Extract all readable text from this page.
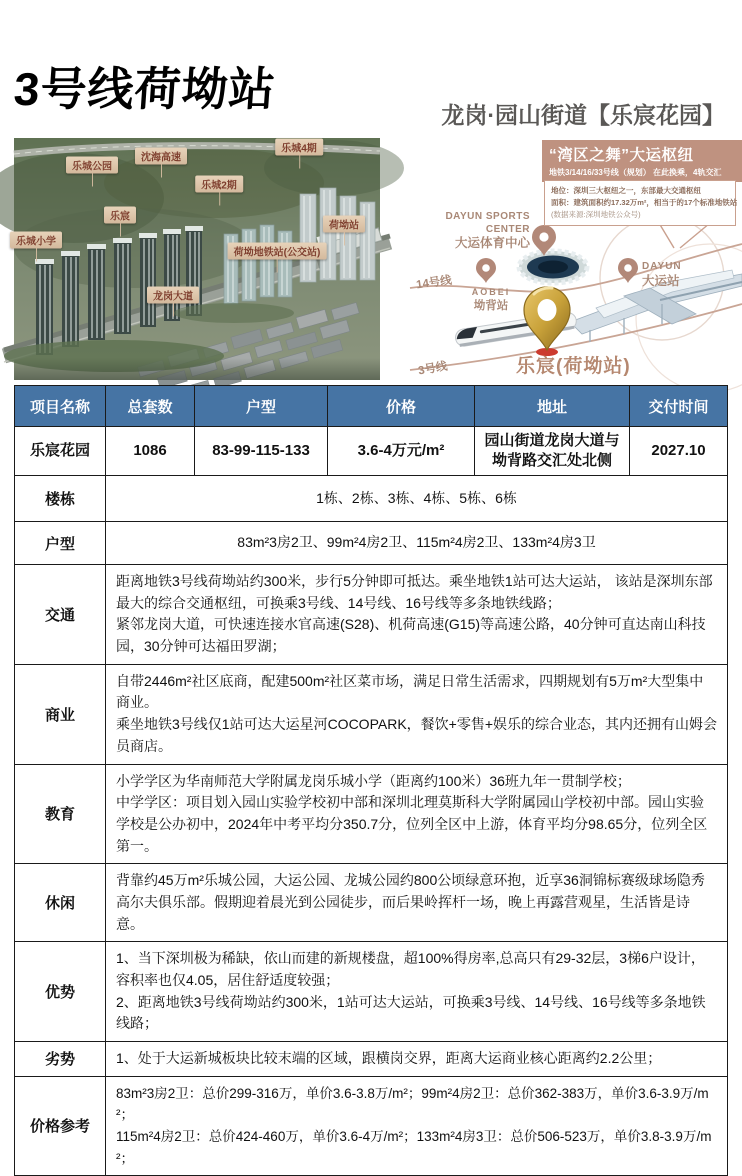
3号线荷坳站	龙岗·园山街道【乐宸花园】
乐城公园
沈海高速
乐城4期
乐城2期
乐宸
乐城小学
荷坳站
荷坳地铁站(公交站)
龙岗大道
“湾区之舞”大运枢纽
地铁3/14/16/33号线（规划） 在此换乘，4轨交汇
地位：深圳三大枢纽之一，东部最大交通枢纽
面积：建筑面积约17.32万m²，相当于的17个标准地铁站
(数据来源:深圳地铁公众号)
DAYUN SPORTS CENTER
大运体育中心
14号线
AOBEI
坳背站
DAYUN
大运站
3号线	乐宸(荷坳站)
项目名称	总套数	户型	价格	地址	交付时间
乐宸花园	1086	83-99-115-133	3.6-4万元/m²	园山街道龙岗大道与坳背路交汇处北侧	2027.10
楼栋	1栋、2栋、3栋、4栋、5栋、6栋				
户型	83m²3房2卫、99m²4房2卫、115m²4房2卫、133m²4房3卫				
交通	距离地铁3号线荷坳站约300米，步行5分钟即可抵达。乘坐地铁1站可达大运站， 该站是深圳东部最大的综合交通枢纽，可换乘3号线、14号线、16号线等多条地铁线路；

紧邻龙岗大道，可快速连接水官高速(S28)、机荷高速(G15)等高速公路，40分钟可直达南山科技园，30分钟可达福田罗湖；				

商业	自带2446m²社区底商，配建500m²社区菜市场，满足日常生活需求，四期规划有5万m²大型集中商业。

乘坐地铁3号线仅1站可达大运星河COCOPARK，餐饮+零售+娱乐的综合业态，其内还拥有山姆会员商店。				

教育	小学学区为华南师范大学附属龙岗乐城小学（距离约100米）36班九年一贯制学校；

中学学区：项目划入园山实验学校初中部和深圳北理莫斯科大学附属园山学校初中部。园山实验学校是公办初中，2024年中考平均分350.7分，位列全区中上游，体育平均分98.65分，位列全区第一。				

休闲	背靠约45万m²乐城公园，大运公园、龙城公园约800公顷绿意环抱，近享36洞锦标赛级球场隐秀高尔夫俱乐部。假期迎着晨光到公园徒步，而后果岭挥杆一场，晚上再露营观星，生活皆是诗意。				

优势	1、当下深圳极为稀缺，依山而建的新规楼盘，超100%得房率,总高只有29-32层，3梯6户设计，容积率也仅4.05，居住舒适度较强；

2、距离地铁3号线荷坳站约300米，1站可达大运站，可换乘3号线、14号线、16号线等多条地铁线路；				

劣势	1、处于大运新城板块比较末端的区域，跟横岗交界，距离大运商业核心距离约2.2公里；				

价格参考	83m²3房2卫：总价299-316万，单价3.6-3.8万/m²；99m²4房2卫：总价362-383万，单价3.6-3.9万/m²；

115m²4房2卫：总价424-460万，单价3.6-4万/m²；133m²4房3卫：总价506-523万，单价3.8-3.9万/m²；				
